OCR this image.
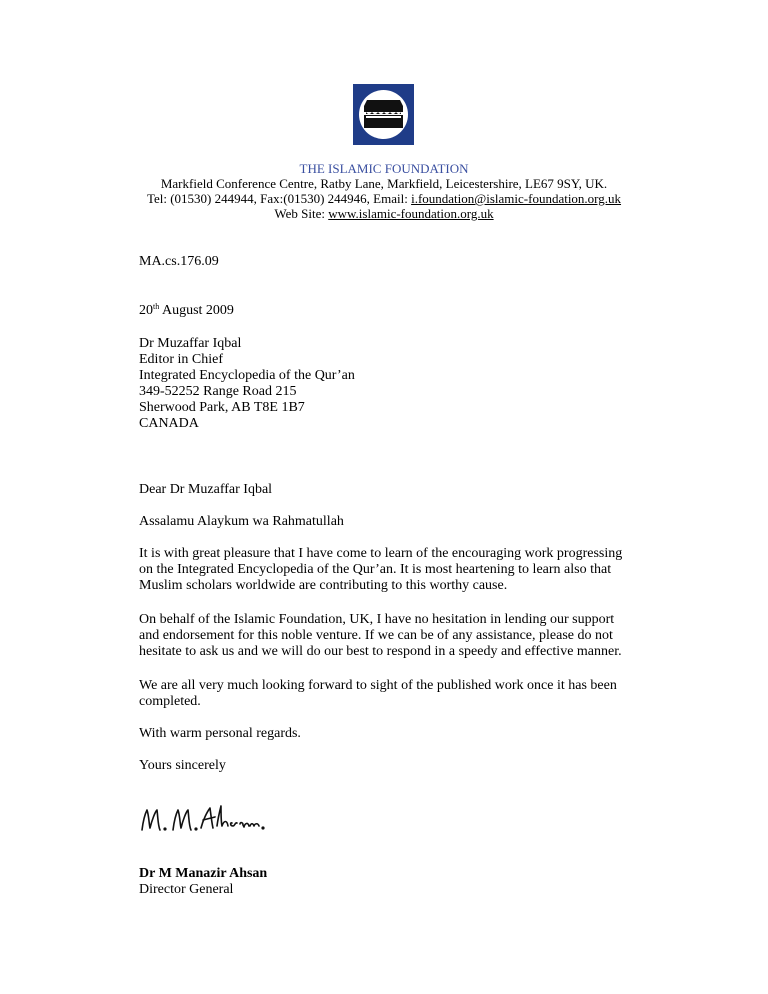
THE ISLAMIC FOUNDATION
Markfield Conference Centre, Ratby Lane, Markfield, Leicestershire, LE67 9SY, UK.
Tel: (01530) 244944, Fax:(01530) 244946, Email: i.foundation@islamic-foundation.org.uk
Web Site: www.islamic-foundation.org.uk
MA.cs.176.09
20th August 2009
Dr Muzaffar Iqbal
Editor in Chief
Integrated Encyclopedia of the Qur’an
349-52252 Range Road 215
Sherwood Park, AB T8E 1B7
CANADA
Dear Dr Muzaffar Iqbal
Assalamu Alaykum wa Rahmatullah
It is with great pleasure that I have come to learn of the encouraging work progressing
on the Integrated Encyclopedia of the Qur’an. It is most heartening to learn also that
Muslim scholars worldwide are contributing to this worthy cause.
On behalf of the Islamic Foundation, UK, I have no hesitation in lending our support
and endorsement for this noble venture. If we can be of any assistance, please do not
hesitate to ask us and we will do our best to respond in a speedy and effective manner.
We are all very much looking forward to sight of the published work once it has been
completed.
With warm personal regards.
Yours sincerely
Dr M Manazir Ahsan
Director General
